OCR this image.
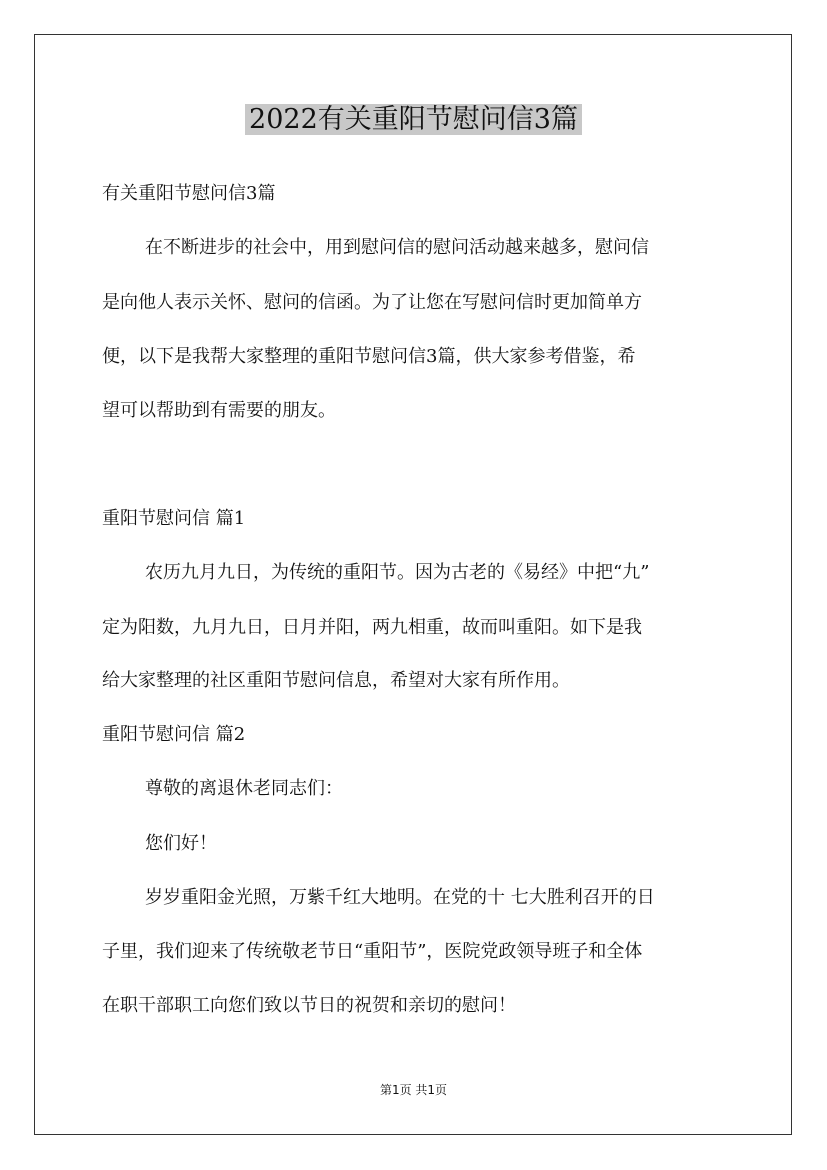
2022有关重阳节慰问信3篇
有关重阳节慰问信3篇
在不断进步的社会中，用到慰问信的慰问活动越来越多，慰问信
是向他人表示关怀、慰问的信函。为了让您在写慰问信时更加简单方
便，以下是我帮大家整理的重阳节慰问信3篇，供大家参考借鉴，希
望可以帮助到有需要的朋友。
重阳节慰问信 篇1
农历九月九日，为传统的重阳节。因为古老的《易经》中把“九”
定为阳数，九月九日，日月并阳，两九相重，故而叫重阳。如下是我
给大家整理的社区重阳节慰问信息，希望对大家有所作用。
重阳节慰问信 篇2
尊敬的离退休老同志们：
您们好！
岁岁重阳金光照，万紫千红大地明。在党的十 七大胜利召开的日
子里，我们迎来了传统敬老节日“重阳节”，医院党政领导班子和全体
在职干部职工向您们致以节日的祝贺和亲切的慰问！
第1页 共1页
